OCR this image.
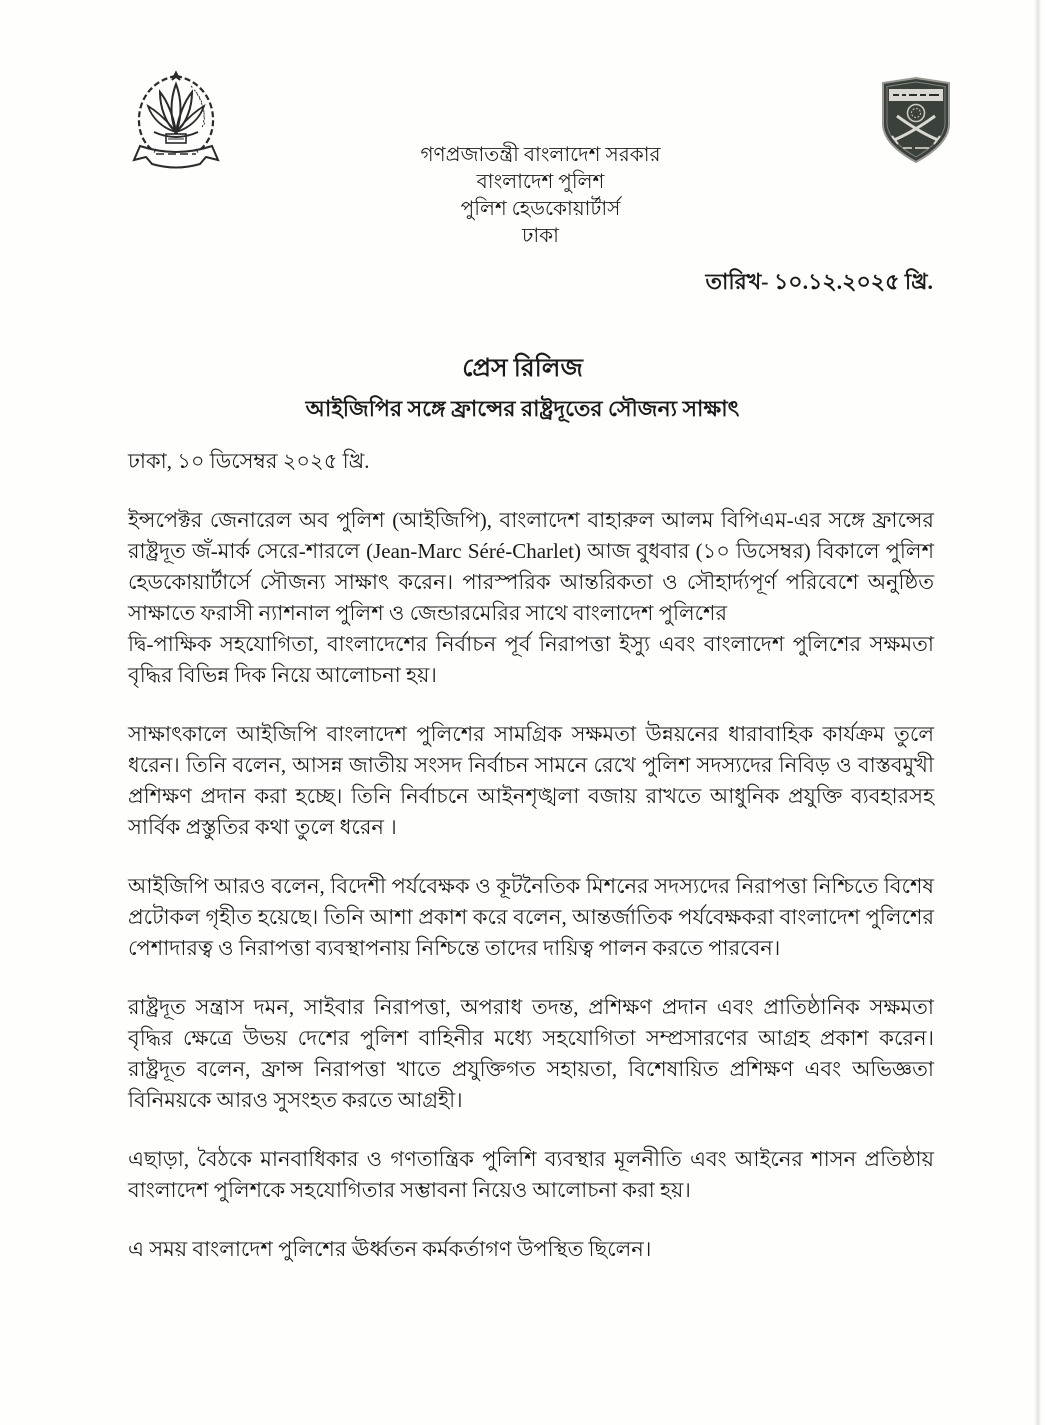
গণপ্রজাতন্ত্রী বাংলাদেশ সরকার
বাংলাদেশ পুলিশ
পুলিশ হেডকোয়ার্টার্স
ঢাকা
তারিখ- ১০.১২.২০২৫ খ্রি.
প্রেস রিলিজ
আইজিপির সঙ্গে ফ্রান্সের রাষ্ট্রদূতের সৌজন্য সাক্ষাৎ
ঢাকা, ১০ ডিসেম্বর ২০২৫ খ্রি.

ইন্সপেক্টর জেনারেল অব পুলিশ (আইজিপি), বাংলাদেশ বাহারুল আলম বিপিএম-এর সঙ্গে ফ্রান্সের রাষ্ট্রদূত জঁ-মার্ক সেরে-শারলে (Jean-Marc Séré-Charlet) আজ বুধবার (১০ ডিসেম্বর) বিকালে পুলিশ হেডকোয়ার্টার্সে সৌজন্য সাক্ষাৎ করেন। পারস্পরিক আন্তরিকতা ও সৌহার্দ্যপূর্ণ পরিবেশে অনুষ্ঠিত সাক্ষাতে ফরাসী ন্যাশনাল পুলিশ ও জেন্ডারমেরির সাথে বাংলাদেশ পুলিশের

দ্বি-পাক্ষিক সহযোগিতা, বাংলাদেশের নির্বাচন পূর্ব নিরাপত্তা ইস্যু এবং বাংলাদেশ পুলিশের সক্ষমতা বৃদ্ধির বিভিন্ন দিক নিয়ে আলোচনা হয়।

সাক্ষাৎকালে আইজিপি বাংলাদেশ পুলিশের সামগ্রিক সক্ষমতা উন্নয়নের ধারাবাহিক কার্যক্রম তুলে ধরেন। তিনি বলেন, আসন্ন জাতীয় সংসদ নির্বাচন সামনে রেখে পুলিশ সদস্যদের নিবিড় ও বাস্তবমুখী প্রশিক্ষণ প্রদান করা হচ্ছে। তিনি নির্বাচনে আইনশৃঙ্খলা বজায় রাখতে আধুনিক প্রযুক্তি ব্যবহারসহ সার্বিক প্রস্তুতির কথা তুলে ধরেন ।

আইজিপি আরও বলেন, বিদেশী পর্যবেক্ষক ও কূটনৈতিক মিশনের সদস্যদের নিরাপত্তা নিশ্চিতে বিশেষ প্রটোকল গৃহীত হয়েছে। তিনি আশা প্রকাশ করে বলেন, আন্তর্জাতিক পর্যবেক্ষকরা বাংলাদেশ পুলিশের পেশাদারত্ব ও নিরাপত্তা ব্যবস্থাপনায় নিশ্চিন্তে তাদের দায়িত্ব পালন করতে পারবেন।

রাষ্ট্রদূত সন্ত্রাস দমন, সাইবার নিরাপত্তা, অপরাধ তদন্ত, প্রশিক্ষণ প্রদান এবং প্রাতিষ্ঠানিক সক্ষমতা বৃদ্ধির ক্ষেত্রে উভয় দেশের পুলিশ বাহিনীর মধ্যে সহযোগিতা সম্প্রসারণের আগ্রহ প্রকাশ করেন। রাষ্ট্রদূত বলেন, ফ্রান্স নিরাপত্তা খাতে প্রযুক্তিগত সহায়তা, বিশেষায়িত প্রশিক্ষণ এবং অভিজ্ঞতা বিনিময়কে আরও সুসংহত করতে আগ্রহী।

এছাড়া, বৈঠকে মানবাধিকার ও গণতান্ত্রিক পুলিশি ব্যবস্থার মূলনীতি এবং আইনের শাসন প্রতিষ্ঠায় বাংলাদেশ পুলিশকে সহযোগিতার সম্ভাবনা নিয়েও আলোচনা করা হয়।

এ সময় বাংলাদেশ পুলিশের ঊর্ধ্বতন কর্মকর্তাগণ উপস্থিত ছিলেন।
